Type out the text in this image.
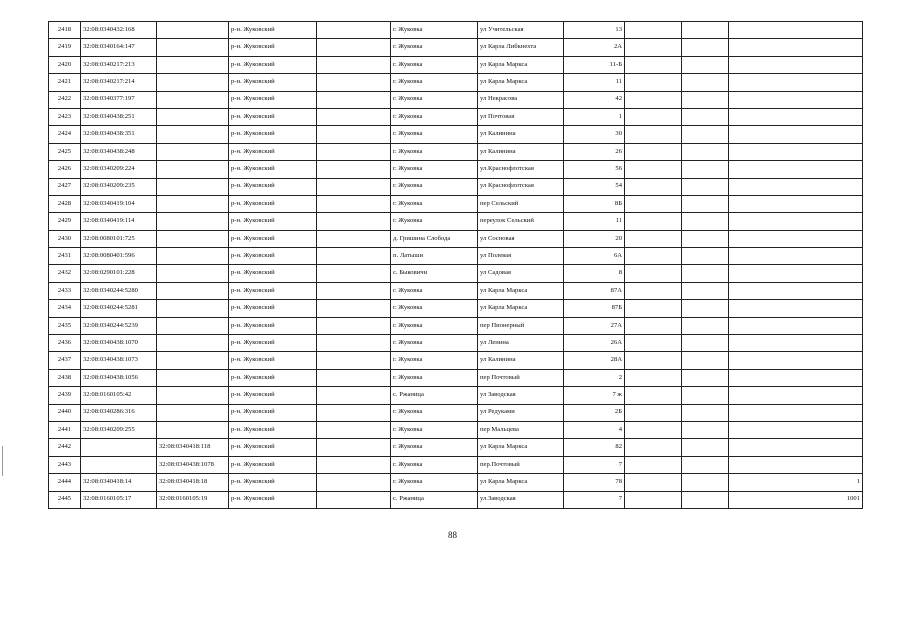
2418	32:08:0340432:168		р-н. Жуковский		г. Жуковка	ул Учительская	13			
2419	32:08:0340164:147		р-н. Жуковский		г. Жуковка	ул Карла Либкнехта	2А			
2420	32:08:0340217:213		р-н. Жуковский		г. Жуковка	ул Карла Маркса	11-Б			
2421	32:08:0340217:214		р-н. Жуковский		г. Жуковка	ул Карла Маркса	11			
2422	32:08:0340377:197		р-н. Жуковский		г. Жуковка	ул Некрасова	42			
2423	32:08:0340438:251		р-н. Жуковский		г. Жуковка	ул Почтовая	1			
2424	32:08:0340438:351		р-н. Жуковский		г. Жуковка	ул Калинина	30			
2425	32:08:0340438:248		р-н. Жуковский		г. Жуковка	ул Калинина	26			
2426	32:08:0340209:224		р-н. Жуковский		г. Жуковка	ул.Краснофлотская	56			
2427	32:08:0340209:235		р-н. Жуковский		г. Жуковка	ул Краснофлотская	54			
2428	32:08:0340419:104		р-н. Жуковский		г. Жуковка	пер Сельский	8Б			
2429	32:08:0340419:114		р-н. Жуковский		г. Жуковка	переулок Сельский	11			
2430	32:08:0080101:725		р-н. Жуковский		д. Гришина Слобода	ул Сосновая	20			
2431	32:08:0080401:596		р-н. Жуковский		п. Латыши	ул Полевая	6А			
2432	32:08:0290101:228		р-н. Жуковский		с. Быковичи	ул Садовая	8			
2433	32:08:0340244:5280		р-н. Жуковский		г. Жуковка	ул Карла Маркса	87А			
2434	32:08:0340244:5281		р-н. Жуковский		г. Жуковка	ул Карла Маркса	87Б			
2435	32:08:0340244:5239		р-н. Жуковский		г. Жуковка	пер Пионерный	27А			
2436	32:08:0340438:1070		р-н. Жуковский		г. Жуковка	ул Ленина	26А			
2437	32:08:0340438:1073		р-н. Жуковский		г. Жуковка	ул Калинина	28А			
2438	32:08:0340438:1056		р-н. Жуковский		г. Жуковка	пер Почтовый	2			
2439	32:08:0160105:42		р-н. Жуковский		с. Ржаница	ул Заводская	7 ж			
2440	32:08:0340286:316		р-н. Жуковский		г. Жуковка	ул Редуками	2Б			
2441	32:08:0340209:255		р-н. Жуковский		г. Жуковка	пер Мальцева	4			
2442		32:08:0340418:118	р-н. Жуковский		г. Жуковка	ул Карла Маркса	82			
2443		32:08:0340438:1078	р-н. Жуковский		г. Жуковка	пер.Почтовый	7			
2444	32:08:0340418:14	32:08:0340418:18	р-н. Жуковский		г. Жуковка	ул Карла Маркса	78			1
2445	32:08:0160105:17	32:08:0160105:19	р-н. Жуковский		с. Ржаница	ул.Заводская	7			1001
88
